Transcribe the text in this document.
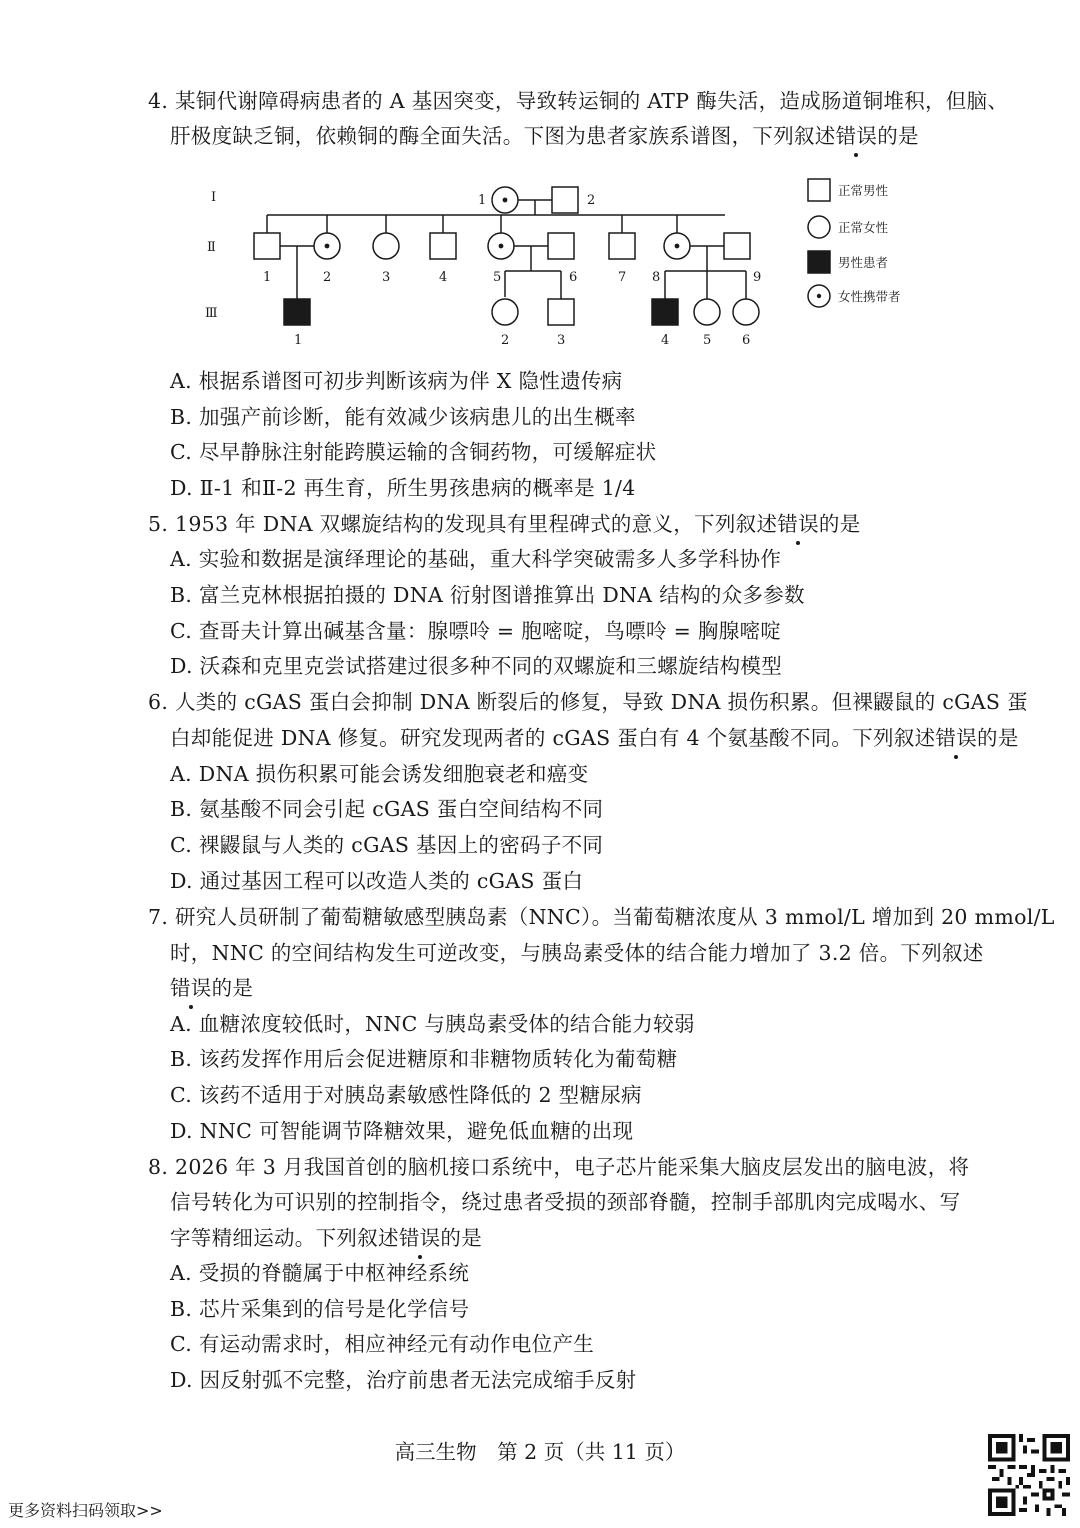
4. 某铜代谢障碍病患者的 A 基因突变，导致转运铜的 ATP 酶失活，造成肠道铜堆积，但脑、
肝极度缺乏铜，依赖铜的酶全面失活。下图为患者家族系谱图，下列叙述错误的是
Ⅰ
Ⅱ
Ⅲ
1	2
1	2	3	4	5	6	7 8	9
1	2	3	4	5 6
正常男性
正常女性
男性患者
女性携带者
A. 根据系谱图可初步判断该病为伴 X 隐性遗传病
B. 加强产前诊断，能有效减少该病患儿的出生概率
C. 尽早静脉注射能跨膜运输的含铜药物，可缓解症状
D. Ⅱ-1 和Ⅱ-2 再生育，所生男孩患病的概率是 1/4
5. 1953 年 DNA 双螺旋结构的发现具有里程碑式的意义，下列叙述错误的是
A. 实验和数据是演绎理论的基础，重大科学突破需多人多学科协作
B. 富兰克林根据拍摄的 DNA 衍射图谱推算出 DNA 结构的众多参数
C. 查哥夫计算出碱基含量：腺嘌呤 = 胞嘧啶，鸟嘌呤 = 胸腺嘧啶
D. 沃森和克里克尝试搭建过很多种不同的双螺旋和三螺旋结构模型
6. 人类的 cGAS 蛋白会抑制 DNA 断裂后的修复，导致 DNA 损伤积累。但裸鼹鼠的 cGAS 蛋
白却能促进 DNA 修复。研究发现两者的 cGAS 蛋白有 4 个氨基酸不同。下列叙述错误的是
A. DNA 损伤积累可能会诱发细胞衰老和癌变
B. 氨基酸不同会引起 cGAS 蛋白空间结构不同
C. 裸鼹鼠与人类的 cGAS 基因上的密码子不同
D. 通过基因工程可以改造人类的 cGAS 蛋白
7. 研究人员研制了葡萄糖敏感型胰岛素（NNC）。当葡萄糖浓度从 3 mmol/L 增加到 20 mmol/L
时，NNC 的空间结构发生可逆改变，与胰岛素受体的结合能力增加了 3.2 倍。下列叙述
错误的是
A. 血糖浓度较低时，NNC 与胰岛素受体的结合能力较弱
B. 该药发挥作用后会促进糖原和非糖物质转化为葡萄糖
C. 该药不适用于对胰岛素敏感性降低的 2 型糖尿病
D. NNC 可智能调节降糖效果，避免低血糖的出现
8. 2026 年 3 月我国首创的脑机接口系统中，电子芯片能采集大脑皮层发出的脑电波，将
信号转化为可识别的控制指令，绕过患者受损的颈部脊髓，控制手部肌肉完成喝水、写
字等精细运动。下列叙述错误的是
A. 受损的脊髓属于中枢神经系统
B. 芯片采集到的信号是化学信号
C. 有运动需求时，相应神经元有动作电位产生
D. 因反射弧不完整，治疗前患者无法完成缩手反射
高三生物　第 2 页（共 11 页）
更多资料扫码领取>>
